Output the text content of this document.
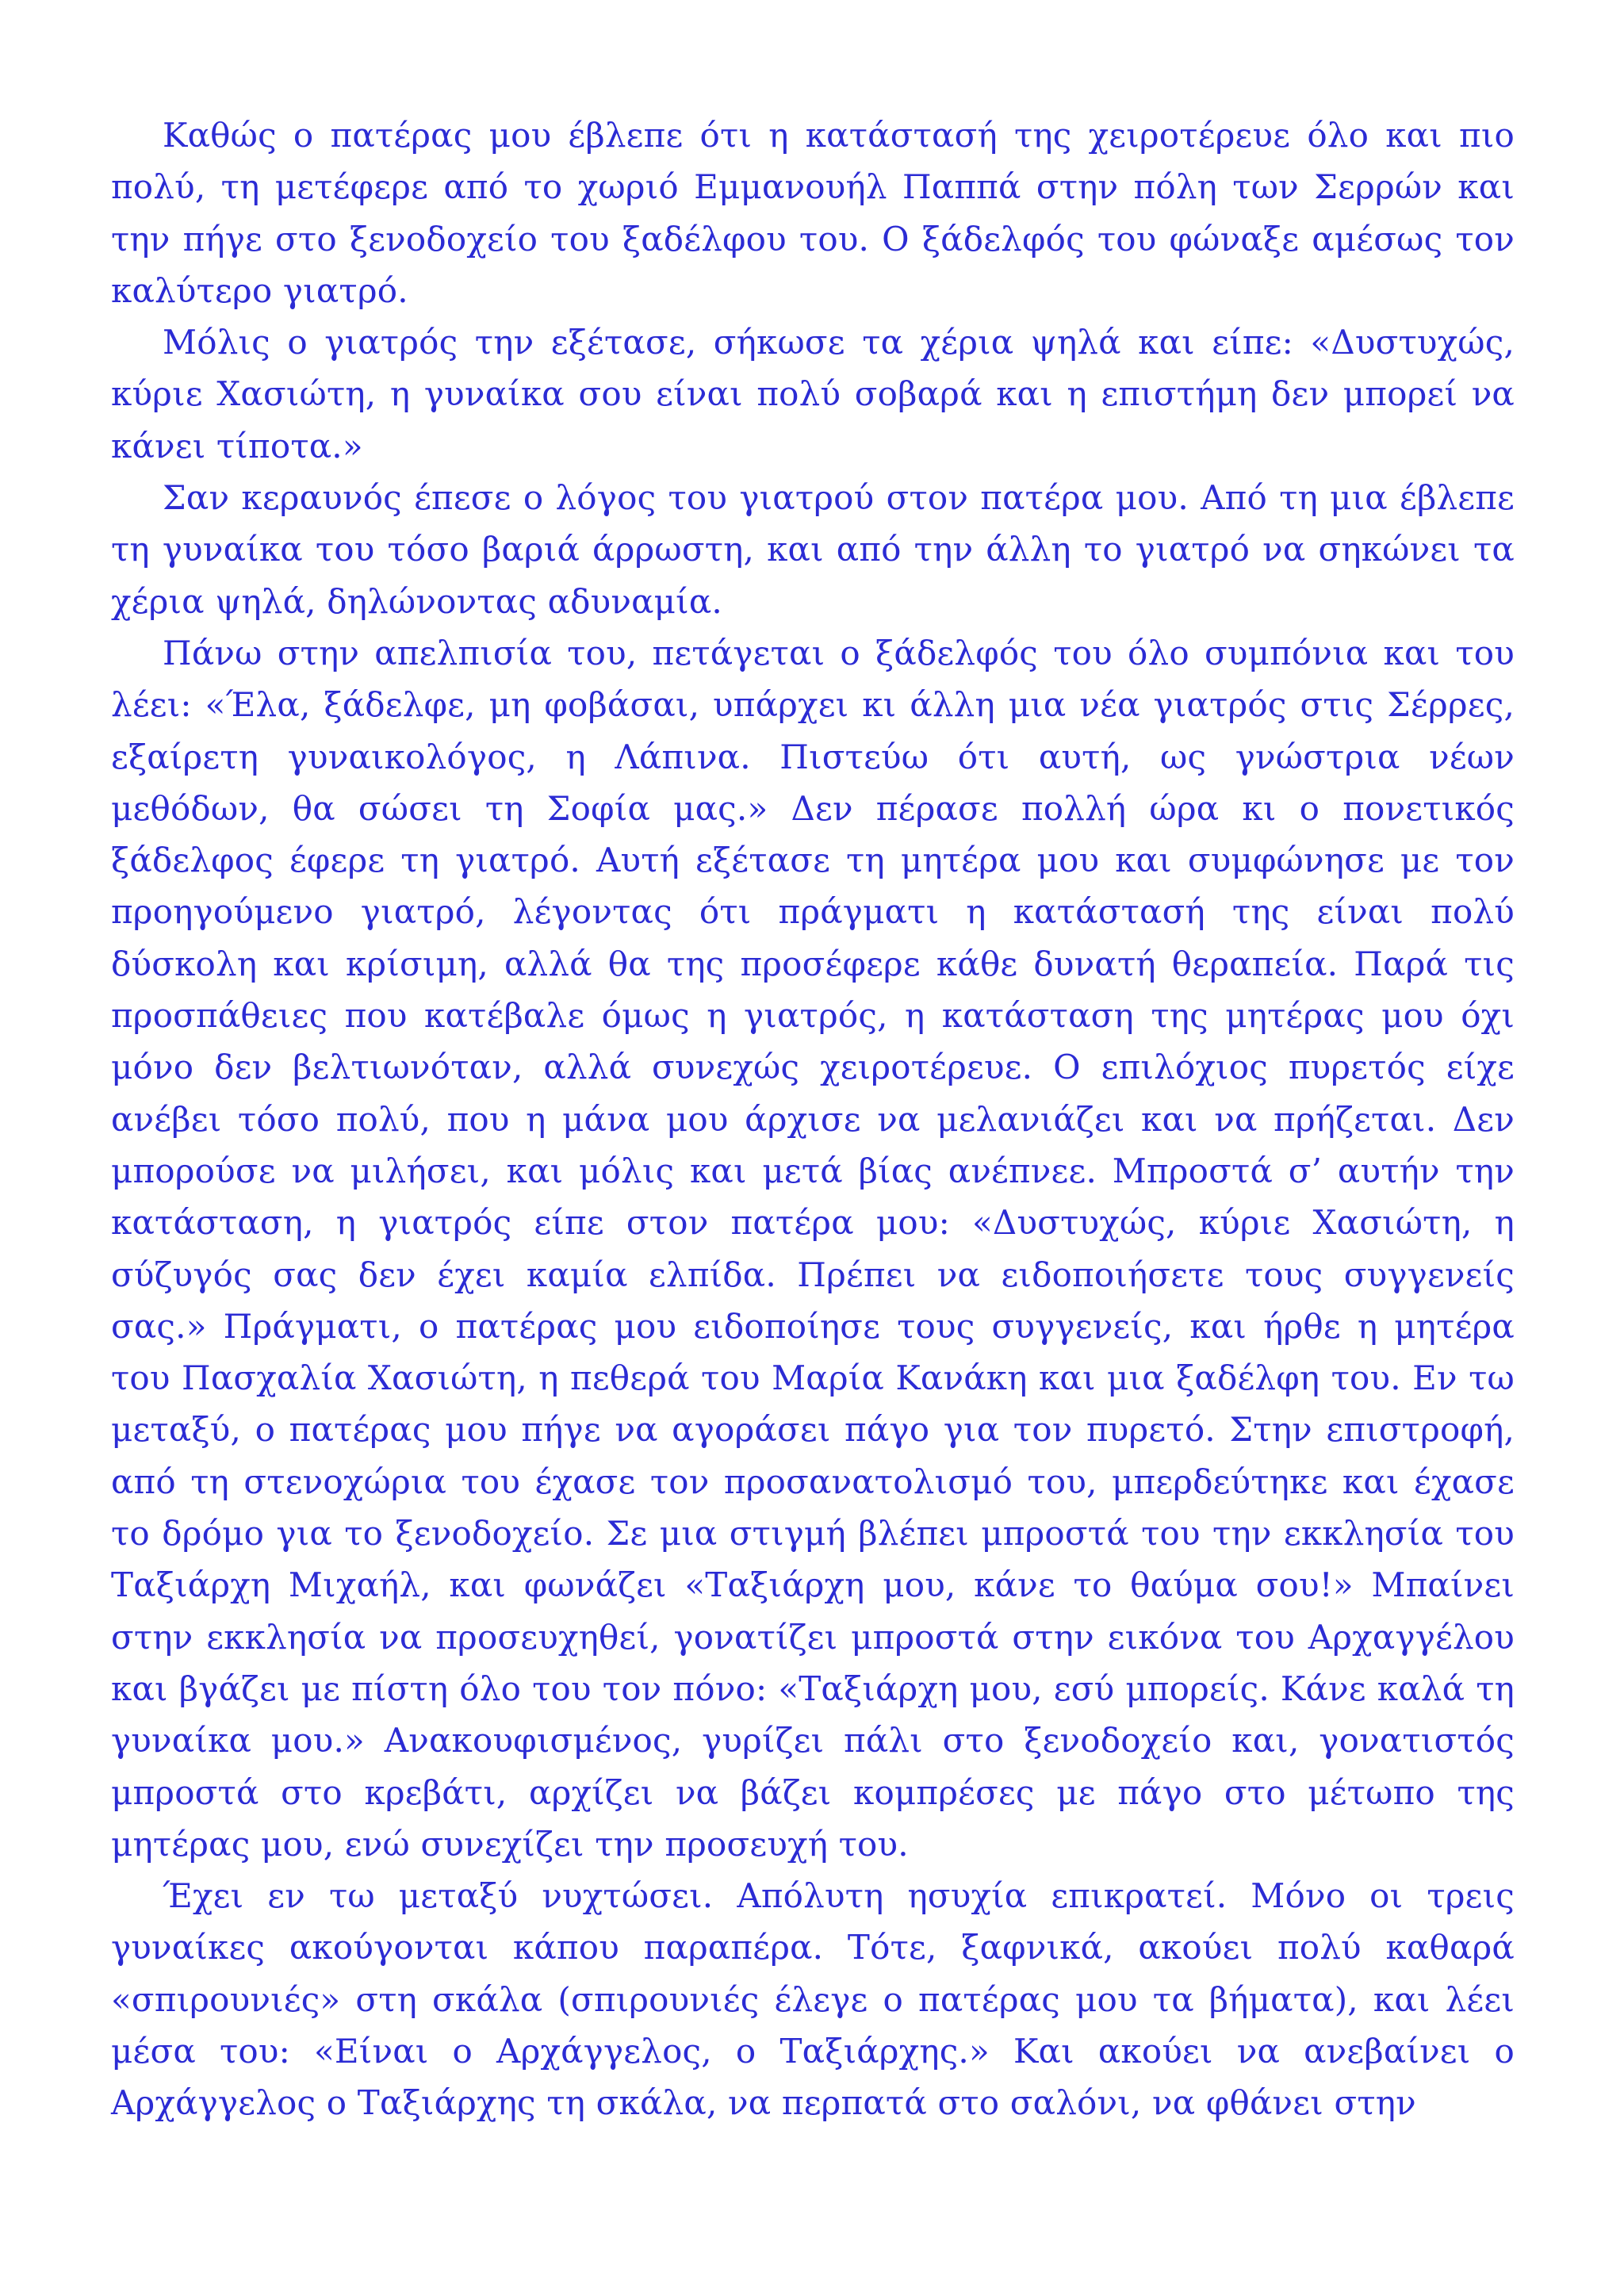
Καθώς ο πατέρας μου έβλεπε ότι η κατάστασή της χειροτέρευε όλο και πιο πολύ, τη μετέφερε από το χωριό Εμμανουήλ Παππά στην πόλη των Σερρών και την πήγε στο ξενοδοχείο του ξαδέλφου του. Ο ξάδελφός του φώναξε αμέσως τον καλύτερο γιατρό.

Μόλις ο γιατρός την εξέτασε, σήκωσε τα χέρια ψηλά και είπε: «Δυστυχώς, κύριε Χασιώτη, η γυναίκα σου είναι πολύ σοβαρά και η επιστήμη δεν μπορεί να κάνει τίποτα.»

Σαν κεραυνός έπεσε ο λόγος του γιατρού στον πατέρα μου. Από τη μια έβλεπε τη γυναίκα του τόσο βαριά άρρωστη, και από την άλλη το γιατρό να σηκώνει τα χέρια ψηλά, δηλώνοντας αδυναμία.

Πάνω στην απελπισία του, πετάγεται ο ξάδελφός του όλο συμπόνια και του λέει: «Έλα, ξάδελφε, μη φοβάσαι, υπάρχει κι άλλη μια νέα γιατρός στις Σέρρες, εξαίρετη γυναικολόγος, η Λάπινα. Πιστεύω ότι αυτή, ως γνώστρια νέων μεθόδων, θα σώσει τη Σοφία μας.» Δεν πέρασε πολλή ώρα κι ο πονετικός ξάδελφος έφερε τη γιατρό. Αυτή εξέτασε τη μητέρα μου και συμφώνησε με τον προηγούμενο γιατρό, λέγοντας ότι πράγματι η κατάστασή της είναι πολύ δύσκολη και κρίσιμη, αλλά θα της προσέφερε κάθε δυνατή θεραπεία. Παρά τις προσπάθειες που κατέβαλε όμως η γιατρός, η κατάσταση της μητέρας μου όχι μόνο δεν βελτιωνόταν, αλλά συνεχώς χειροτέρευε. Ο επιλόχιος πυρετός είχε ανέβει τόσο πολύ, που η μάνα μου άρχισε να μελανιάζει και να πρήζεται. Δεν μπορούσε να μιλήσει, και μόλις και μετά βίας ανέπνεε. Μπροστά σ’ αυτήν την κατάσταση, η γιατρός είπε στον πατέρα μου: «Δυστυχώς, κύριε Χασιώτη, η σύζυγός σας δεν έχει καμία ελπίδα. Πρέπει να ειδοποιήσετε τους συγγενείς σας.» Πράγματι, ο πατέρας μου ειδοποίησε τους συγγενείς, και ήρθε η μητέρα του Πασχαλία Χασιώτη, η πεθερά του Μαρία Κανάκη και μια ξαδέλφη του. Εν τω μεταξύ, ο πατέρας μου πήγε να αγοράσει πάγο για τον πυρετό. Στην επιστροφή, από τη στενοχώρια του έχασε τον προσανατολισμό του, μπερδεύτηκε και έχασε το δρόμο για το ξενοδοχείο. Σε μια στιγμή βλέπει μπροστά του την εκκλησία του Ταξιάρχη Μιχαήλ, και φωνάζει «Ταξιάρχη μου, κάνε το θαύμα σου!» Μπαίνει στην εκκλησία να προσευχηθεί, γονατίζει μπροστά στην εικόνα του Αρχαγγέλου και βγάζει με πίστη όλο του τον πόνο: «Ταξιάρχη μου, εσύ μπορείς. Κάνε καλά τη γυναίκα μου.» Ανακουφισμένος, γυρίζει πάλι στο ξενοδοχείο και, γονατιστός μπροστά στο κρεβάτι, αρχίζει να βάζει κομπρέσες με πάγο στο μέτωπο της μητέρας μου, ενώ συνεχίζει την προσευχή του.

Έχει εν τω μεταξύ νυχτώσει. Απόλυτη ησυχία επικρατεί. Μόνο οι τρεις γυναίκες ακούγονται κάπου παραπέρα. Τότε, ξαφνικά, ακούει πολύ καθαρά «σπιρουνιές» στη σκάλα (σπιρουνιές έλεγε ο πατέρας μου τα βήματα), και λέει μέσα του: «Είναι ο Αρχάγγελος, ο Ταξιάρχης.» Και ακούει να ανεβαίνει ο Αρχάγγελος ο Ταξιάρχης τη σκάλα, να περπατά στο σαλόνι, να φθάνει στην
